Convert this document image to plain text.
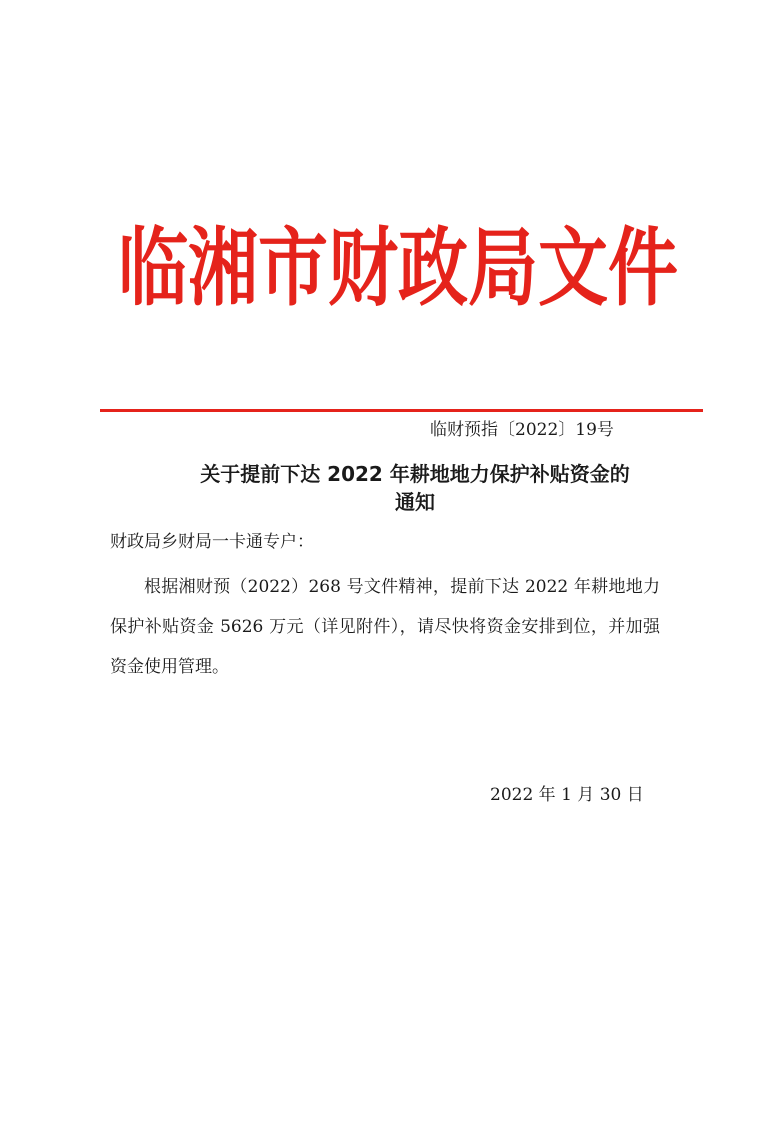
临湘市财政局文件
临财预指〔2022〕19号
关于提前下达 2022 年耕地地力保护补贴资金的
通知
财政局乡财局一卡通专户：
根据湘财预（2022）268 号文件精神，提前下达 2022 年耕地地力保护补贴资金 5626 万元（详见附件），请尽快将资金安排到位，并加强资金使用管理。
2022 年 1 月 30 日
